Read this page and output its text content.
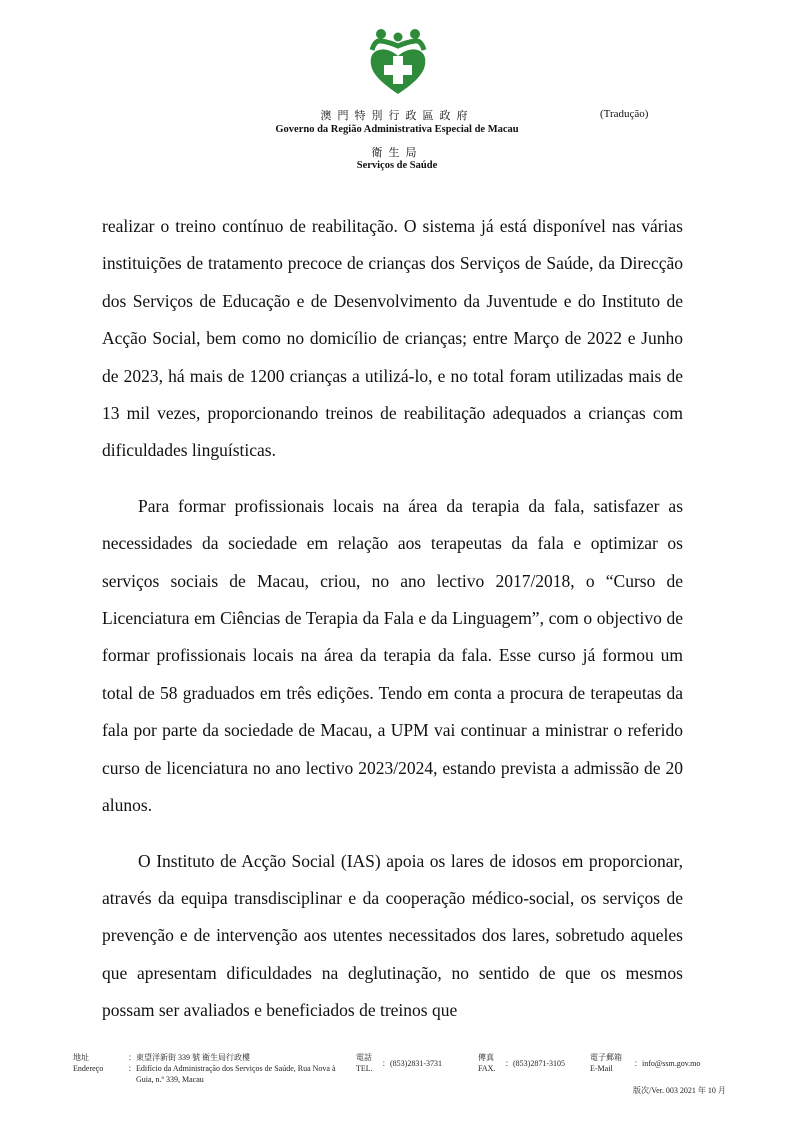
澳門特別行政區政府
Governo da Região Administrativa Especial de Macau
衛生局
Serviços de Saúde
(Tradução)

realizar o treino contínuo de reabilitação. O sistema já está disponível nas várias instituições de tratamento precoce de crianças dos Serviços de Saúde, da Direcção dos Serviços de Educação e de Desenvolvimento da Juventude e do Instituto de Acção Social, bem como no domicílio de crianças; entre Março de 2022 e Junho de 2023, há mais de 1200 crianças a utilizá-lo, e no total foram utilizadas mais de 13 mil vezes, proporcionando treinos de reabilitação adequados a crianças com dificuldades linguísticas.

Para formar profissionais locais na área da terapia da fala, satisfazer as necessidades da sociedade em relação aos terapeutas da fala e optimizar os serviços sociais de Macau, criou, no ano lectivo 2017/2018, o “Curso de Licenciatura em Ciências de Terapia da Fala e da Linguagem”, com o objectivo de formar profissionais locais na área da terapia da fala. Esse curso já formou um total de 58 graduados em três edições. Tendo em conta a procura de terapeutas da fala por parte da sociedade de Macau, a UPM vai continuar a ministrar o referido curso de licenciatura no ano lectivo 2023/2024, estando prevista a admissão de 20 alunos.

O Instituto de Acção Social (IAS) apoia os lares de idosos em proporcionar, através da equipa transdisciplinar e da cooperação médico-social, os serviços de prevenção e de intervenção aos utentes necessitados dos lares, sobretudo aqueles que apresentam dificuldades na deglutinação, no sentido de que os mesmos possam ser avaliados e beneficiados de treinos que

地址
Endereço
：東望洋新街 339 號 衛生局行政樓
：Edifício da Administração dos Serviços de Saúde, Rua Nova à
Guia, n.º 339, Macau
電話
TEL.
：(853)2831-3731
傳真
FAX.
：(853)2871-3105
電子郵箱
E-Mail
：info@ssm.gov.mo
版次/Ver. 003 2021 年 10 月
